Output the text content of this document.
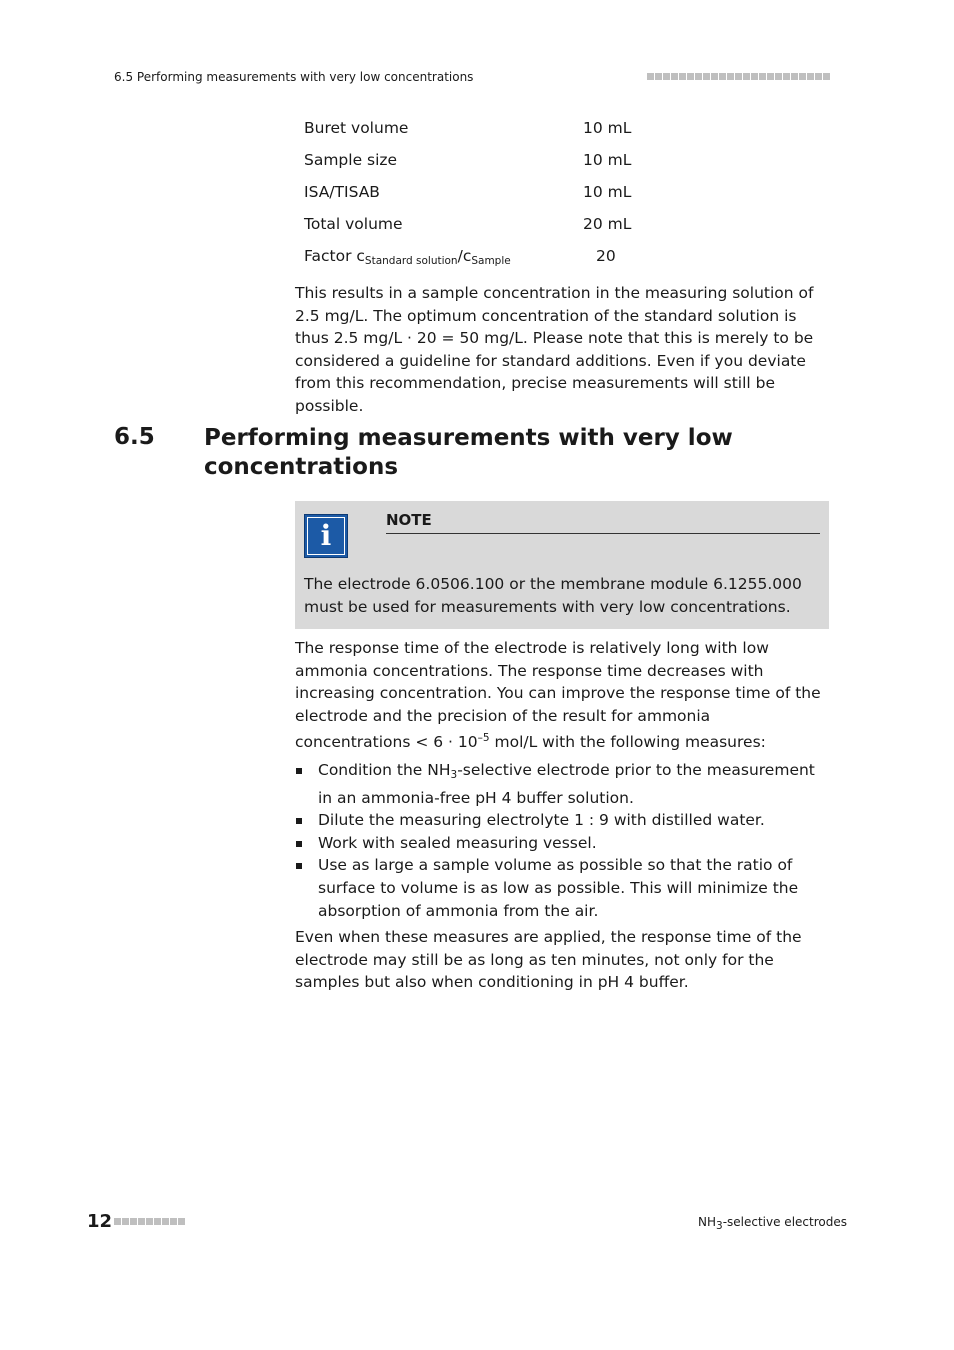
6.5 Performing measurements with very low concentrations
Buret volume	10 mL
Sample size	10 mL
ISA/TISAB	10 mL
Total volume	20 mL
Factor $c_{Standard solution}/c_{Sample}$	20

This results in a sample concentration in the measuring solution of 2.5 mg/L. The optimum concentration of the standard solution is thus 2.5 mg/L · 20 = 50 mg/L. Please note that this is merely to be considered a guideline for standard additions. Even if you deviate from this recommendation, precise measurements will still be possible.

6.5 Performing measurements with very low concentrations
i	NOTE

The electrode 6.0506.100 or the membrane module 6.1255.000 must be used for measurements with very low concentrations.

The response time of the electrode is relatively long with low ammonia concentrations. The response time decreases with increasing concentration. You can improve the response time of the electrode and the precision of the result for ammonia concentrations < $6 \cdot 10^{-5}$ mol/L with the following measures:

Condition the $NH_3$-selective electrode prior to the measurement in an ammonia-free pH 4 buffer solution.
Dilute the measuring electrolyte 1 : 9 with distilled water.
Work with sealed measuring vessel.
Use as large a sample volume as possible so that the ratio of surface to volume is as low as possible. This will minimize the absorption of ammonia from the air.

Even when these measures are applied, the response time of the electrode may still be as long as ten minutes, not only for the samples but also when conditioning in pH 4 buffer.

12	$NH_3$-selective electrodes
